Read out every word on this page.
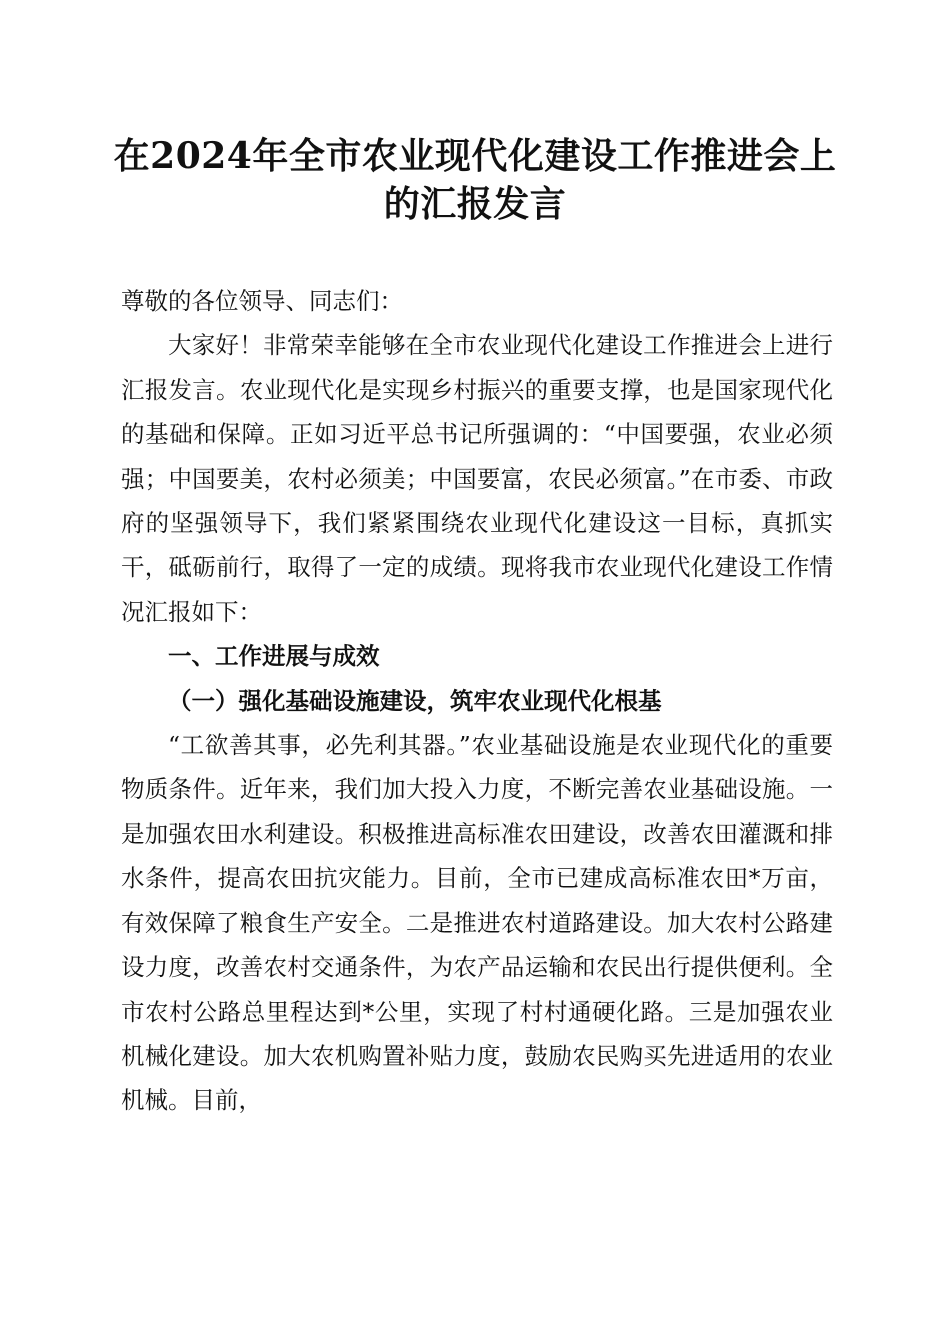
在2024年全市农业现代化建设工作推进会上
的汇报发言

尊敬的各位领导、同志们：

大家好！非常荣幸能够在全市农业现代化建设工作推进会上进行汇报发言。农业现代化是实现乡村振兴的重要支撑，也是国家现代化的基础和保障。正如习近平总书记所强调的：“中国要强，农业必须强；中国要美，农村必须美；中国要富，农民必须富。”在市委、市政府的坚强领导下，我们紧紧围绕农业现代化建设这一目标，真抓实干，砥砺前行，取得了一定的成绩。现将我市农业现代化建设工作情况汇报如下：

一、工作进展与成效

（一）强化基础设施建设，筑牢农业现代化根基

“工欲善其事，必先利其器。”农业基础设施是农业现代化的重要物质条件。近年来，我们加大投入力度，不断完善农业基础设施。一是加强农田水利建设。积极推进高标准农田建设，改善农田灌溉和排水条件，提高农田抗灾能力。目前，全市已建成高标准农田*万亩，有效保障了粮食生产安全。二是推进农村道路建设。加大农村公路建设力度，改善农村交通条件，为农产品运输和农民出行提供便利。全市农村公路总里程达到*公里，实现了村村通硬化路。三是加强农业机械化建设。加大农机购置补贴力度，鼓励农民购买先进适用的农业机械。目前，
